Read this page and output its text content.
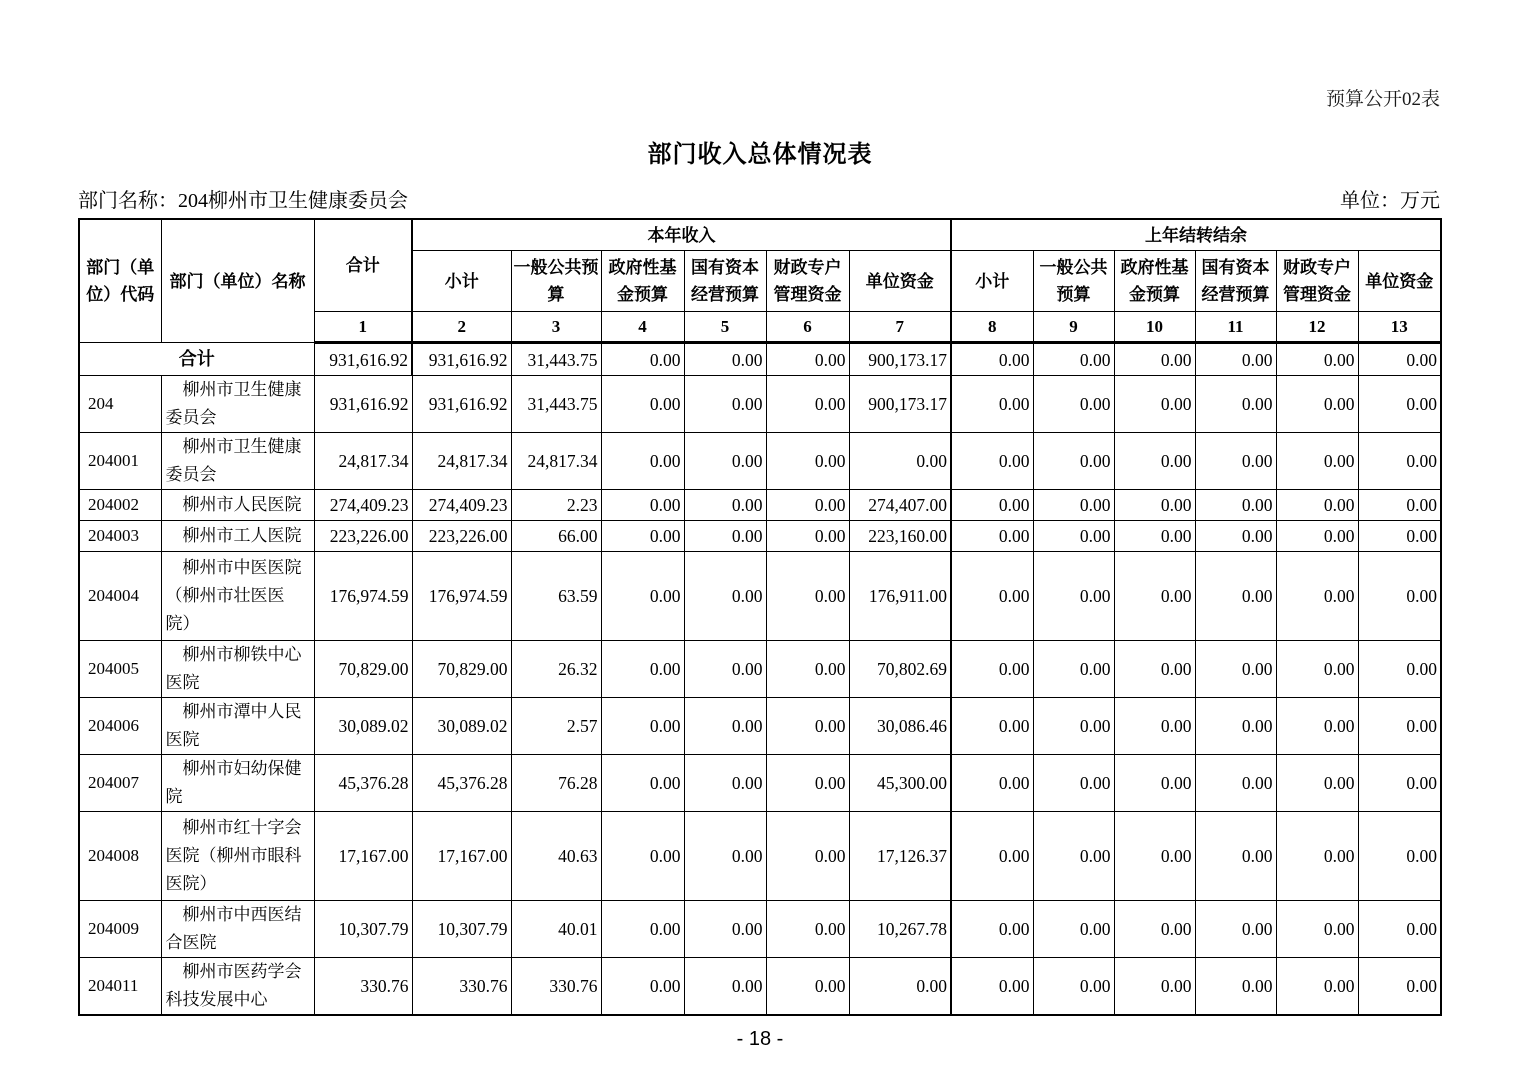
预算公开02表
部门收入总体情况表
部门名称：204柳州市卫生健康委员会	单位：万元
部门（单位）代码	部门（单位）名称	合计	本年收入						上年结转结余					
			小计	一般公共预算	政府性基金预算	国有资本经营预算	财政专户管理资金	单位资金	小计	一般公共预算	政府性基金预算	国有资本经营预算	财政专户管理资金	单位资金
		1	2	3	4	5	6	7	8	9	10	11	12	13
合计		931,616.92	931,616.92	31,443.75	0.00	0.00	0.00	900,173.17	0.00	0.00	0.00	0.00	0.00	0.00
204	柳州市卫生健康委员会	931,616.92	931,616.92	31,443.75	0.00	0.00	0.00	900,173.17	0.00	0.00	0.00	0.00	0.00	0.00
204001	柳州市卫生健康委员会	24,817.34	24,817.34	24,817.34	0.00	0.00	0.00	0.00	0.00	0.00	0.00	0.00	0.00	0.00
204002	柳州市人民医院	274,409.23	274,409.23	2.23	0.00	0.00	0.00	274,407.00	0.00	0.00	0.00	0.00	0.00	0.00
204003	柳州市工人医院	223,226.00	223,226.00	66.00	0.00	0.00	0.00	223,160.00	0.00	0.00	0.00	0.00	0.00	0.00
204004	柳州市中医医院（柳州市壮医医院）	176,974.59	176,974.59	63.59	0.00	0.00	0.00	176,911.00	0.00	0.00	0.00	0.00	0.00	0.00
204005	柳州市柳铁中心医院	70,829.00	70,829.00	26.32	0.00	0.00	0.00	70,802.69	0.00	0.00	0.00	0.00	0.00	0.00
204006	柳州市潭中人民医院	30,089.02	30,089.02	2.57	0.00	0.00	0.00	30,086.46	0.00	0.00	0.00	0.00	0.00	0.00
204007	柳州市妇幼保健院	45,376.28	45,376.28	76.28	0.00	0.00	0.00	45,300.00	0.00	0.00	0.00	0.00	0.00	0.00
204008	柳州市红十字会医院（柳州市眼科医院）	17,167.00	17,167.00	40.63	0.00	0.00	0.00	17,126.37	0.00	0.00	0.00	0.00	0.00	0.00
204009	柳州市中西医结合医院	10,307.79	10,307.79	40.01	0.00	0.00	0.00	10,267.78	0.00	0.00	0.00	0.00	0.00	0.00
204011	柳州市医药学会科技发展中心	330.76	330.76	330.76	0.00	0.00	0.00	0.00	0.00	0.00	0.00	0.00	0.00	0.00
- 18 -
